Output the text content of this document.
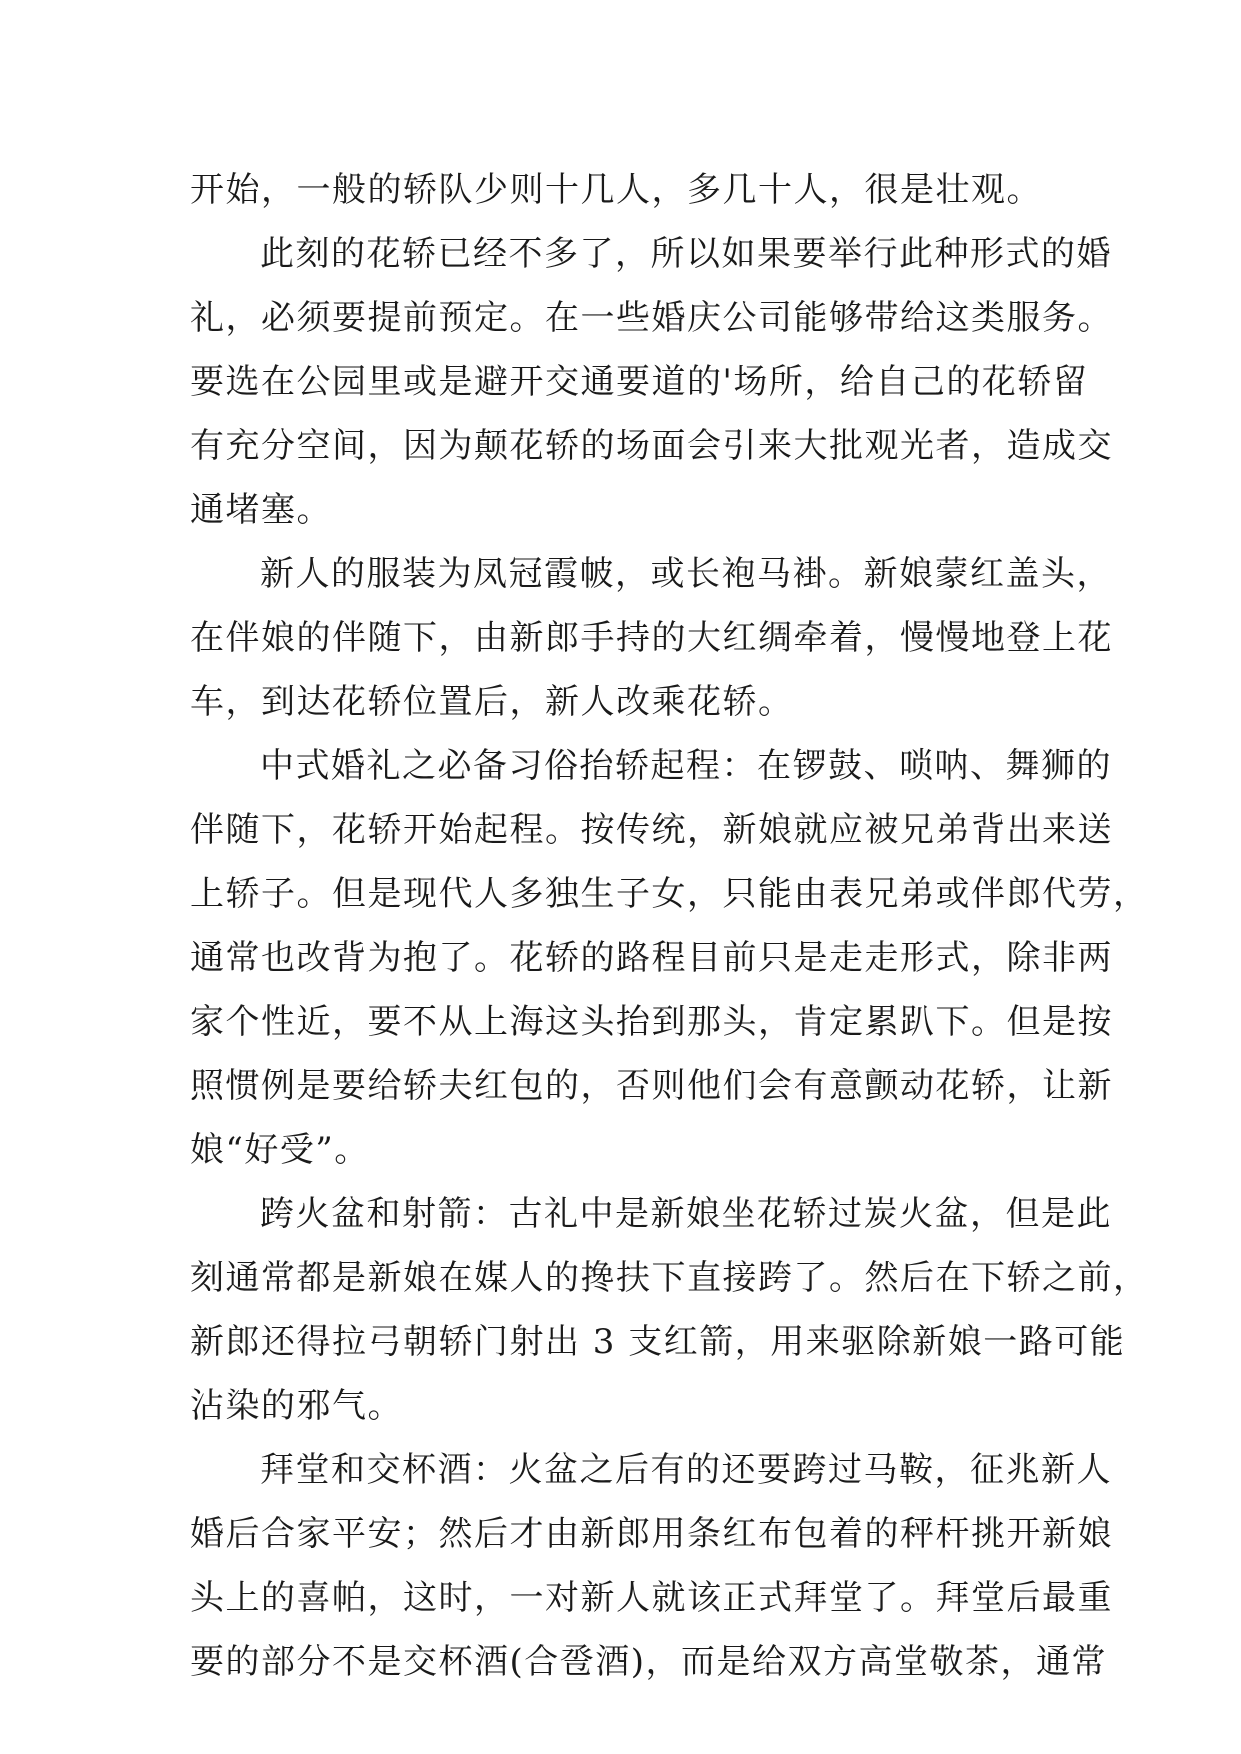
开始，一般的轿队少则十几人，多几十人，很是壮观。
此刻的花轿已经不多了，所以如果要举行此种形式的婚
礼，必须要提前预定。在一些婚庆公司能够带给这类服务。
要选在公园里或是避开交通要道的'场所，给自己的花轿留
有充分空间，因为颠花轿的场面会引来大批观光者，造成交
通堵塞。
新人的服装为凤冠霞帔，或长袍马褂。新娘蒙红盖头，
在伴娘的伴随下，由新郎手持的大红绸牵着，慢慢地登上花
车，到达花轿位置后，新人改乘花轿。
中式婚礼之必备习俗抬轿起程：在锣鼓、唢呐、舞狮的
伴随下，花轿开始起程。按传统，新娘就应被兄弟背出来送
上轿子。但是现代人多独生子女，只能由表兄弟或伴郎代劳，
通常也改背为抱了。花轿的路程目前只是走走形式，除非两
家个性近，要不从上海这头抬到那头，肯定累趴下。但是按
照惯例是要给轿夫红包的，否则他们会有意颤动花轿，让新
娘“好受”。
跨火盆和射箭：古礼中是新娘坐花轿过炭火盆，但是此
刻通常都是新娘在媒人的搀扶下直接跨了。然后在下轿之前，
新郎还得拉弓朝轿门射出 3 支红箭，用来驱除新娘一路可能
沾染的邪气。
拜堂和交杯酒：火盆之后有的还要跨过马鞍，征兆新人
婚后合家平安；然后才由新郎用条红布包着的秤杆挑开新娘
头上的喜帕，这时，一对新人就该正式拜堂了。拜堂后最重
要的部分不是交杯酒(合卺酒)，而是给双方高堂敬茶，通常
